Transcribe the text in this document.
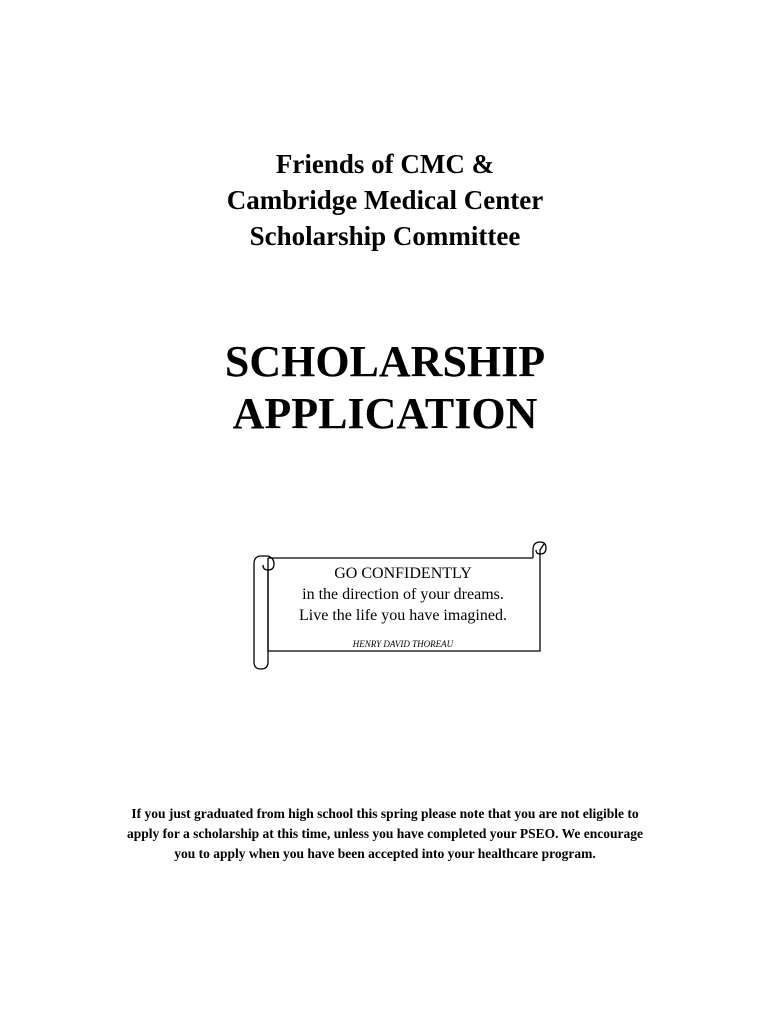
Friends of CMC &
Cambridge Medical Center
Scholarship Committee
SCHOLARSHIP
APPLICATION
GO CONFIDENTLY
in the direction of your dreams.
Live the life you have imagined.
HENRY DAVID THOREAU
If you just graduated from high school this spring please note that you are not eligible to
apply for a scholarship at this time, unless you have completed your PSEO. We encourage
you to apply when you have been accepted into your healthcare program.
